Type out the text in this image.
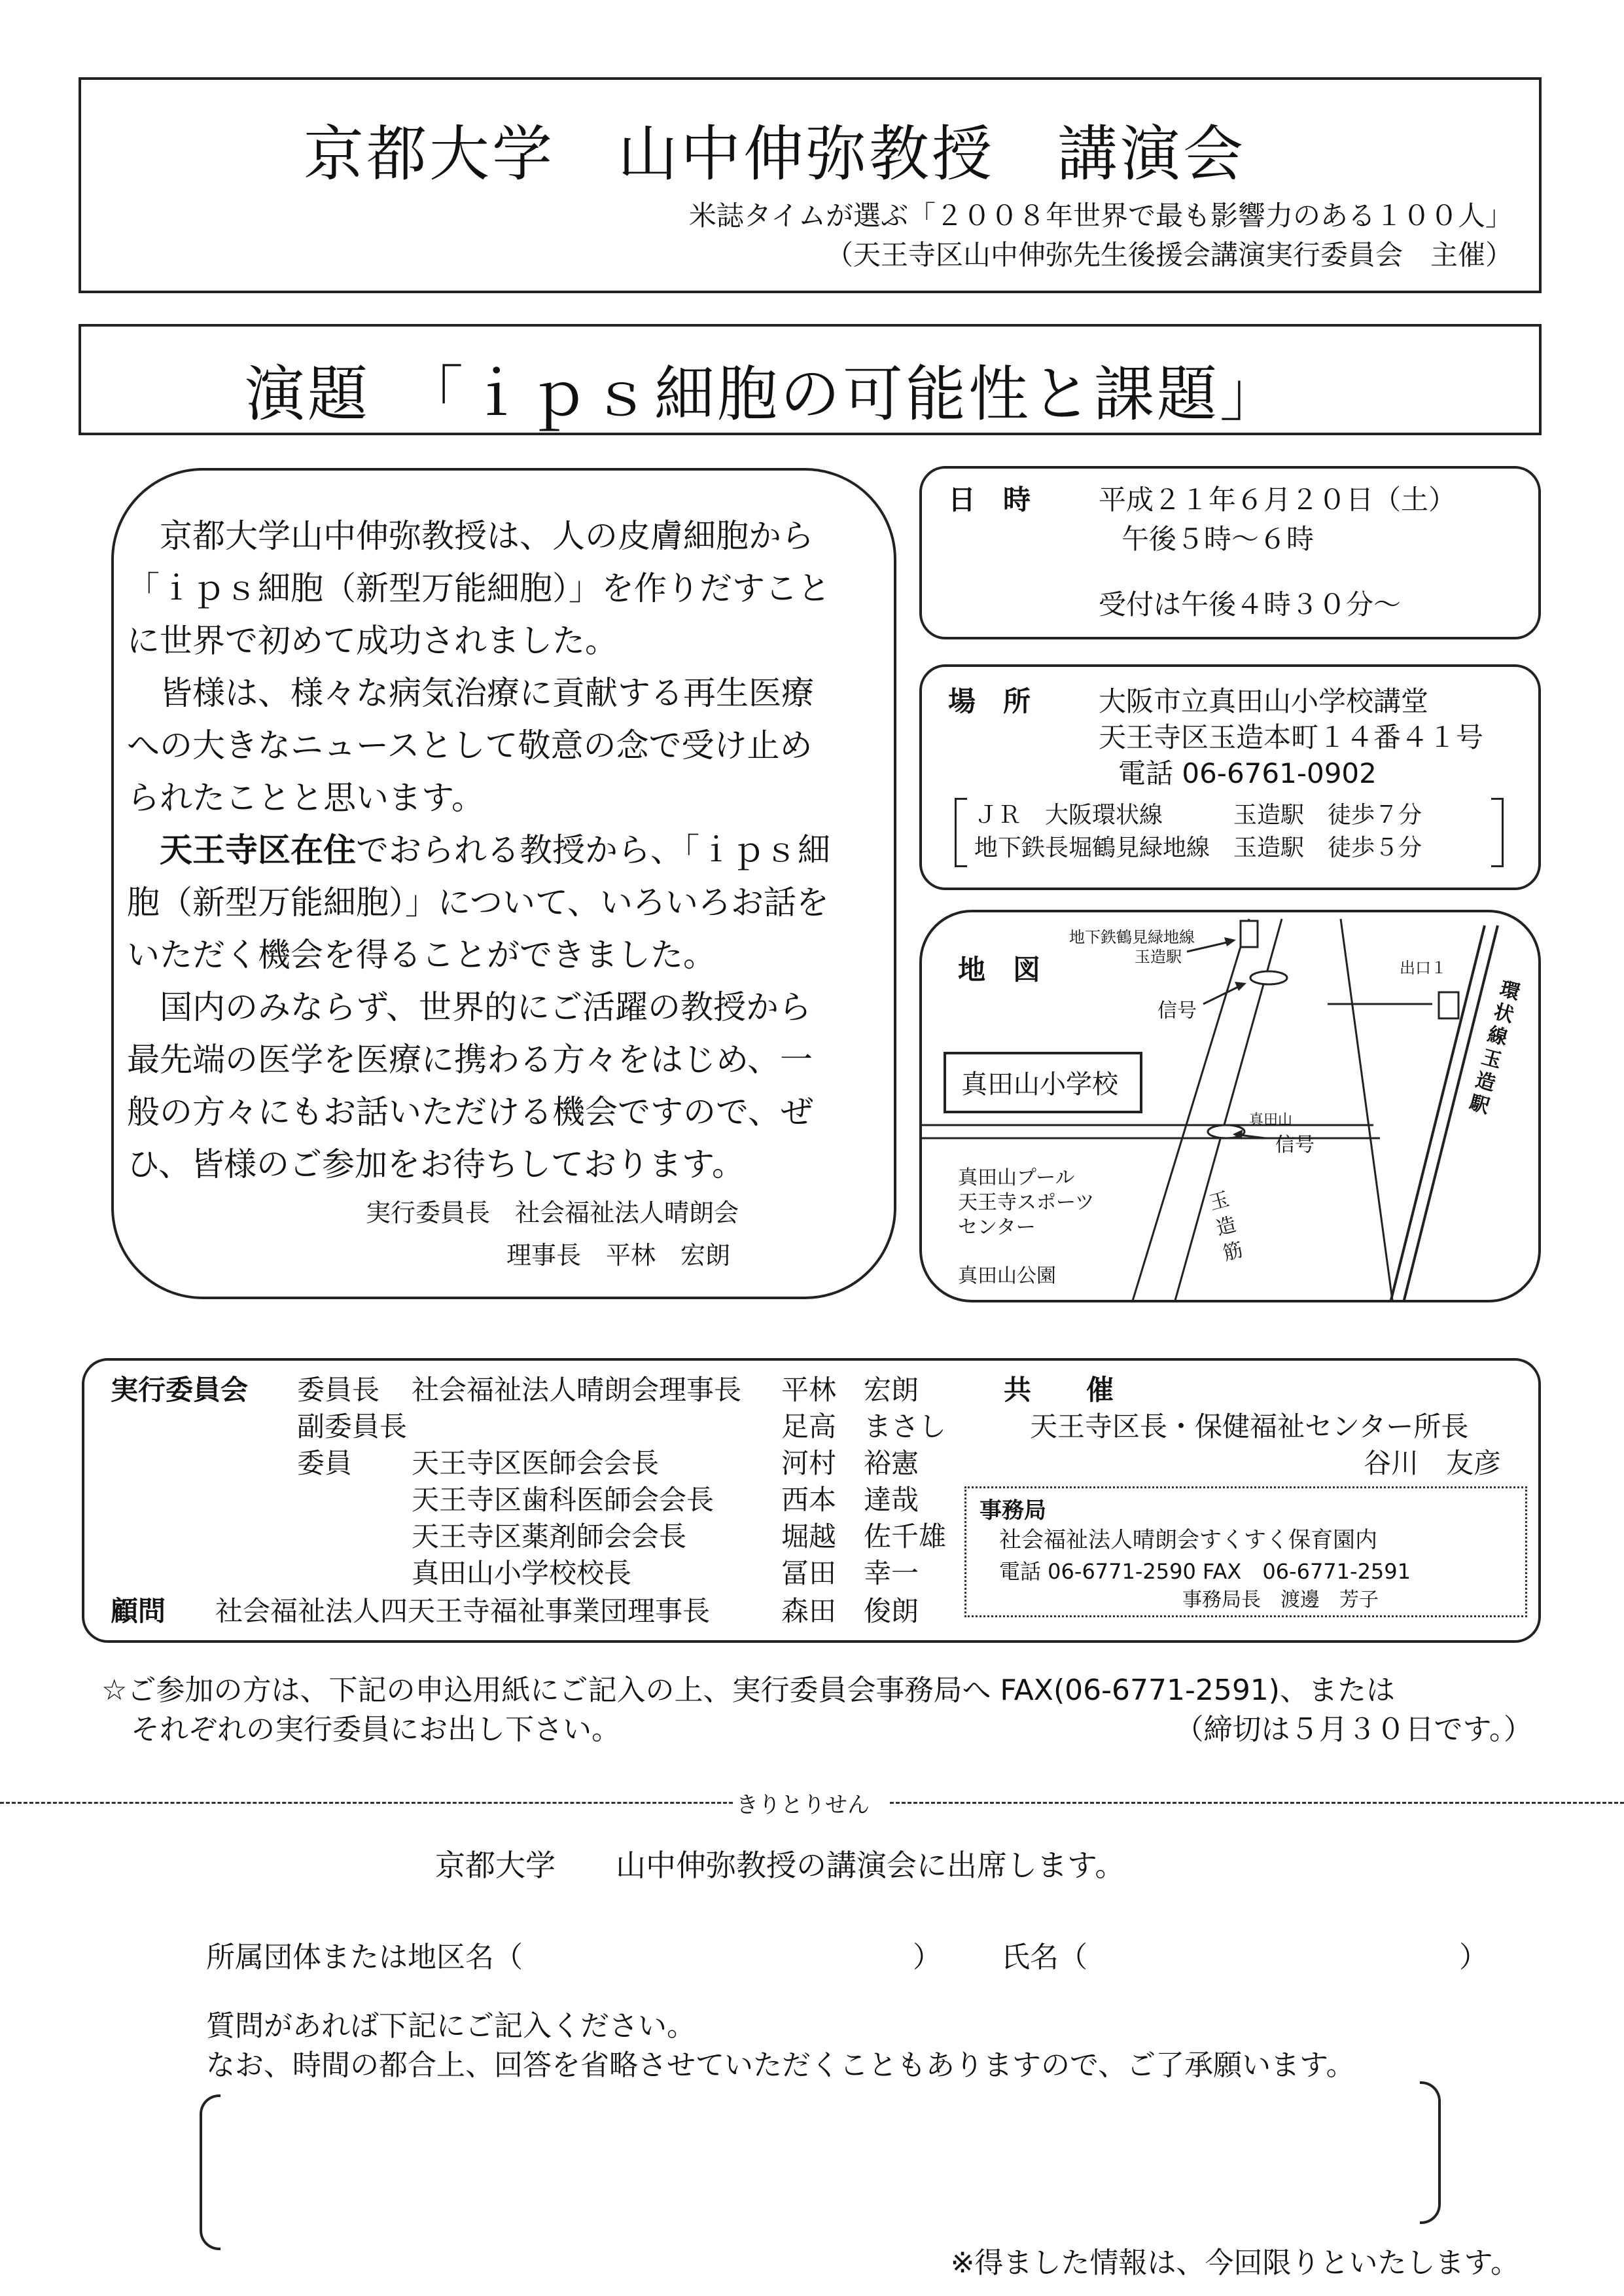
京都大学　山中伸弥教授　講演会
米誌タイムが選ぶ「２００８年世界で最も影響力のある１００人」
（天王寺区山中伸弥先生後援会講演実行委員会　主催）
演題　「ｉｐｓ細胞の可能性と課題」
　京都大学山中伸弥教授は、人の皮膚細胞から
「ｉｐｓ細胞（新型万能細胞）」を作りだすこと
に世界で初めて成功されました。
　皆様は、様々な病気治療に貢献する再生医療
への大きなニュースとして敬意の念で受け止め
られたことと思います。
　天王寺区在住でおられる教授から、「ｉｐｓ細
胞（新型万能細胞）」について、いろいろお話を
いただく機会を得ることができました。
　国内のみならず、世界的にご活躍の教授から
最先端の医学を医療に携わる方々をはじめ、一
般の方々にもお話いただける機会ですので、ぜ
ひ、皆様のご参加をお待ちしております。
実行委員長　社会福祉法人晴朗会
理事長　平林　宏朗
日　時 平成２１年６月２０日（土）
午後５時～６時
受付は午後４時３０分～
場　所 大阪市立真田山小学校講堂
天王寺区玉造本町１４番４１号
電話 06-6761-0902
ＪＲ　大阪環状線　　　玉造駅　徒歩７分
地下鉄長堀鶴見緑地線　玉造駅　徒歩５分
地　図
地下鉄鶴見緑地線
玉造駅
出口１
信号
真田山小学校
真田山
信号
真田山プール
天王寺スポーツ
センター
真田山公園
玉造筋
環状線玉造駅
実行委員会 委員長 社会福祉法人晴朗会理事長 平林　宏朗
副委員長	足高　まさし
委員 天王寺区医師会会長	河村　裕憲
天王寺区歯科医師会会長 西本　達哉
天王寺区薬剤師会会長	堀越　佐千雄
真田山小学校校長	冨田　幸一
顧問 社会福祉法人四天王寺福祉事業団理事長	森田　俊朗
共　　催
天王寺区長・保健福祉センター所長
谷川　友彦
事務局
社会福祉法人晴朗会すくすく保育園内
電話 06-6771-2590 FAX　06-6771-2591
事務局長　渡邊　芳子
☆ご参加の方は、下記の申込用紙にご記入の上、実行委員会事務局へ FAX(06-6771-2591)、または
それぞれの実行委員にお出し下さい。	（締切は５月３０日です。）
きりとりせん
京都大学　　山中伸弥教授の講演会に出席します。
所属団体または地区名（	） 氏名（	）
質問があれば下記にご記入ください。
なお、時間の都合上、回答を省略させていただくこともありますので、ご了承願います。
※得ました情報は、今回限りといたします。
